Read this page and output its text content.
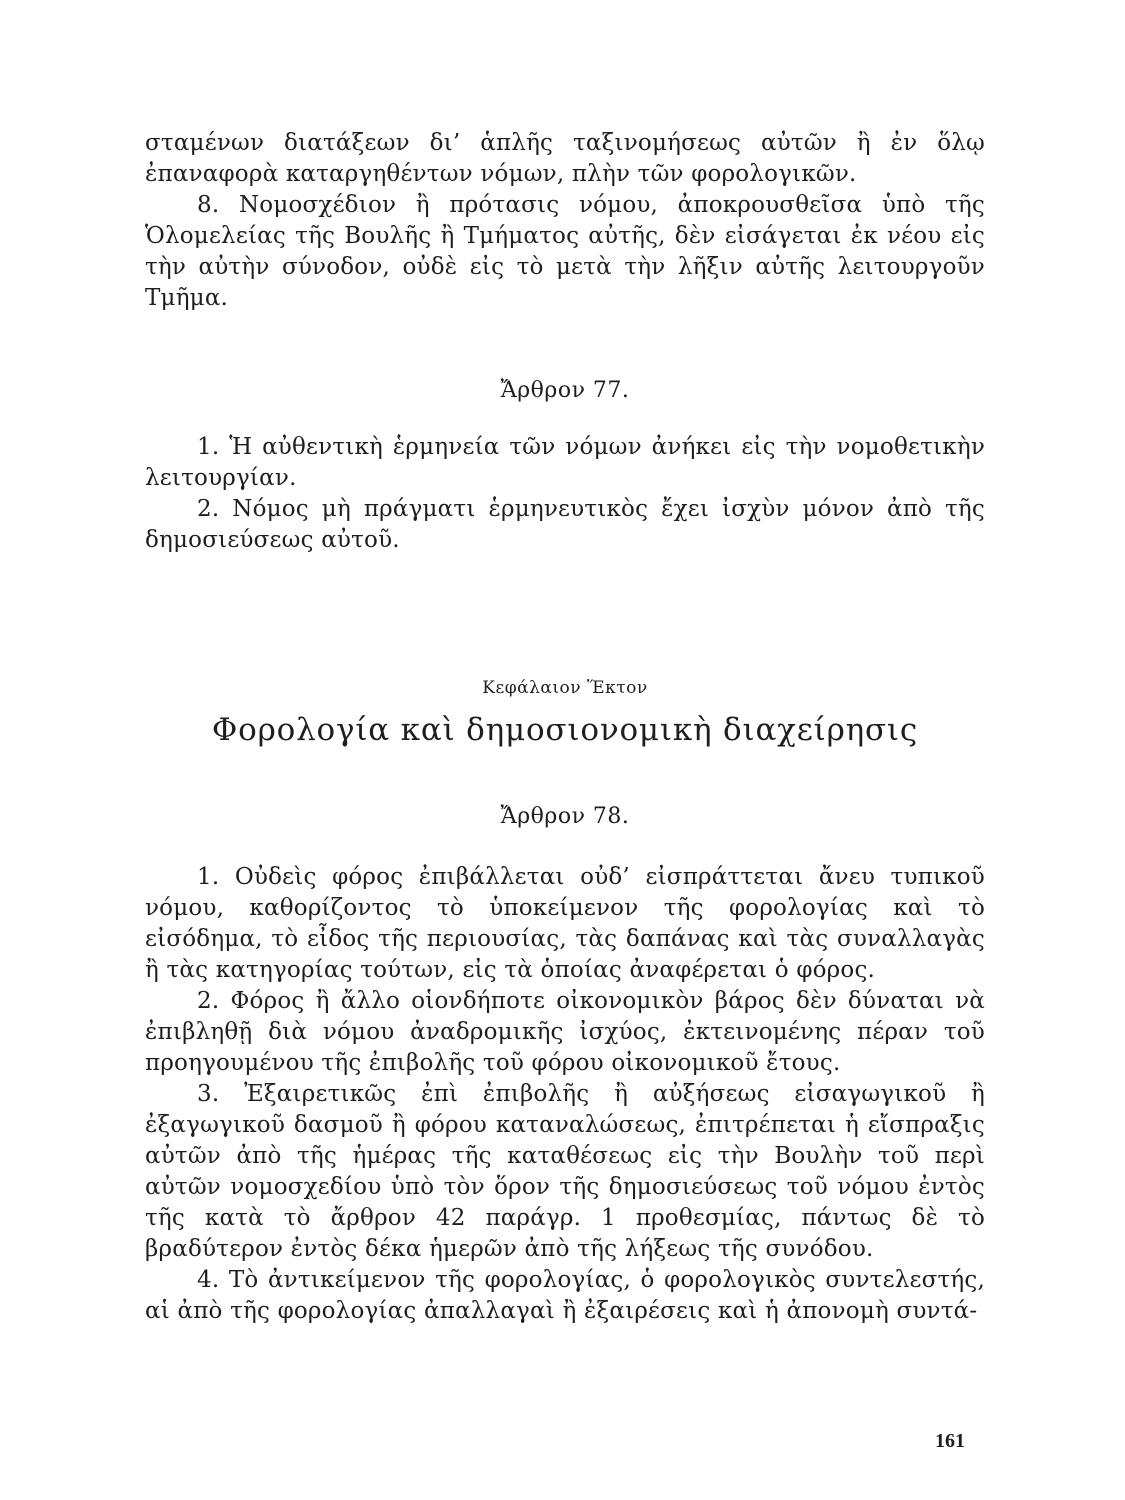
σταμένων διατάξεων δι’ ἁπλῆς ταξινομήσεως αὐτῶν ἢ ἐν ὅλῳ ἐπαναφορὰ καταργηθέντων νόμων, πλὴν τῶν φορολογικῶν.

8. Νομοσχέδιον ἢ πρότασις νόμου, ἀποκρουσθεῖσα ὑπὸ τῆς Ὁλομελείας τῆς Βουλῆς ἢ Τμήματος αὐτῆς, δὲν εἰσάγεται ἐκ νέου εἰς τὴν αὐτὴν σύνοδον, οὐδὲ εἰς τὸ μετὰ τὴν λῆξιν αὐτῆς λειτουργοῦν Τμῆμα.

Ἄρθρον 77.

1. Ἡ αὐθεντικὴ ἑρμηνεία τῶν νόμων ἀνήκει εἰς τὴν νομοθετικὴν λειτουργίαν.

2. Νόμος μὴ πράγματι ἑρμηνευτικὸς ἔχει ἰσχὺν μόνον ἀπὸ τῆς δημοσιεύσεως αὐτοῦ.

Κεφάλαιον Ἕκτον

Φορολογία καὶ δημοσιονομικὴ διαχείρησις

Ἄρθρον 78.

1. Οὐδεὶς φόρος ἐπιβάλλεται οὐδ’ εἰσπράττεται ἄνευ τυπικοῦ νόμου, καθορίζοντος τὸ ὑποκείμενον τῆς φορολογίας καὶ τὸ εἰσόδημα, τὸ εἶδος τῆς περιουσίας, τὰς δαπάνας καὶ τὰς συναλλαγὰς ἢ τὰς κατηγορίας τούτων, εἰς τὰ ὁποίας ἀναφέρεται ὁ φόρος.

2. Φόρος ἢ ἄλλο οἱονδήποτε οἰκονομικὸν βάρος δὲν δύναται νὰ ἐπιβληθῇ διὰ νόμου ἀναδρομικῆς ἰσχύος, ἐκτεινομένης πέραν τοῦ προηγουμένου τῆς ἐπιβολῆς τοῦ φόρου οἰκονομικοῦ ἔτους.

3. Ἐξαιρετικῶς ἐπὶ ἐπιβολῆς ἢ αὐξήσεως εἰσαγωγικοῦ ἢ ἐξαγωγικοῦ δασμοῦ ἢ φόρου καταναλώσεως, ἐπιτρέπεται ἡ εἴσπραξις αὐτῶν ἀπὸ τῆς ἡμέρας τῆς καταθέσεως εἰς τὴν Βουλὴν τοῦ περὶ αὐτῶν νομοσχεδίου ὑπὸ τὸν ὅρον τῆς δημοσιεύσεως τοῦ νόμου ἐντὸς τῆς κατὰ τὸ ἄρθρον 42 παράγρ. 1 προθεσμίας, πάντως δὲ τὸ βραδύτερον ἐντὸς δέκα ἡμερῶν ἀπὸ τῆς λήξεως τῆς συνόδου.

4. Τὸ ἀντικείμενον τῆς φορολογίας, ὁ φορολογικὸς συντελεστής, αἱ ἀπὸ τῆς φορολογίας ἀπαλλαγαὶ ἢ ἐξαιρέσεις καὶ ἡ ἀπονομὴ συντά-

161
